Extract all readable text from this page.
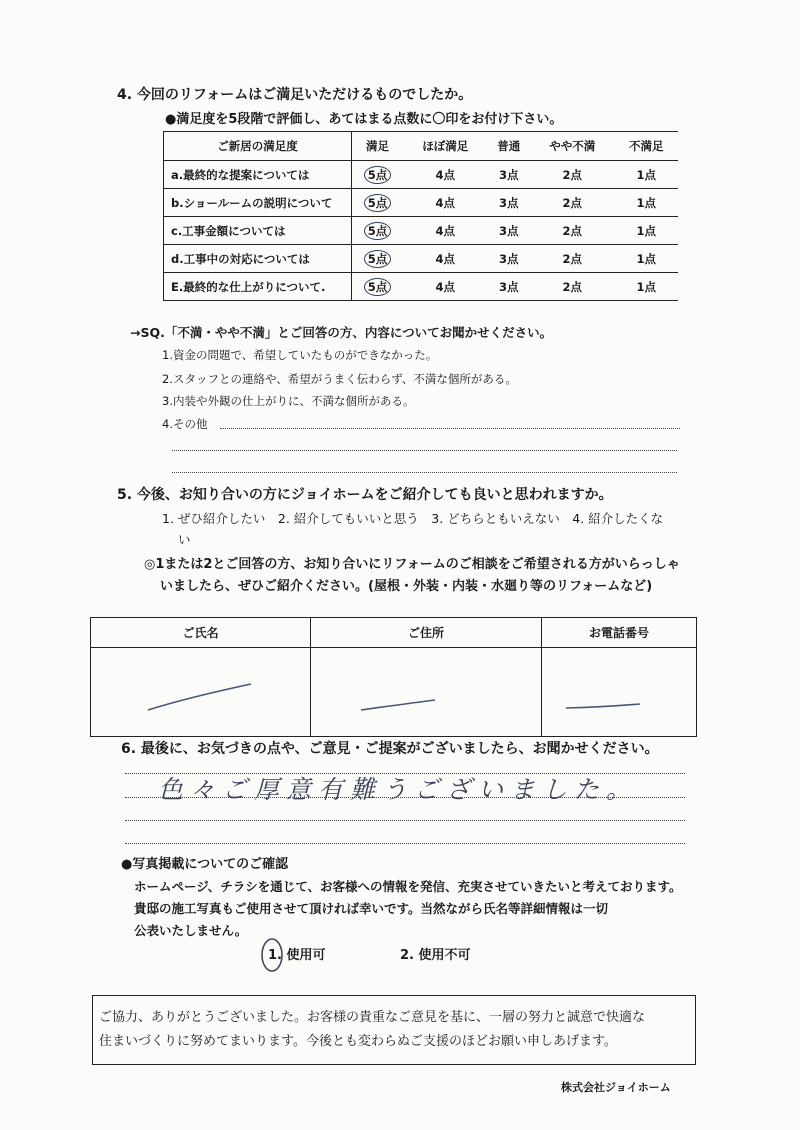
4. 今回のリフォームはご満足いただけるものでしたか。
●満足度を5段階で評価し、あてはまる点数に〇印をお付け下さい。
ご新居の満足度	満足	ほぼ満足	普通	やや不満	不満足
a.最終的な提案については	5点	4点	3点	2点	1点
b.ショールームの説明について	5点	4点	3点	2点	1点
c.工事金額については	5点	4点	3点	2点	1点
d.工事中の対応については	5点	4点	3点	2点	1点
E.最終的な仕上がりについて.	5点	4点	3点	2点	1点
→SQ.「不満・やや不満」とご回答の方、内容についてお聞かせください。
1.資金の問題で、希望していたものができなかった。
2.スタッフとの連絡や、希望がうまく伝わらず、不満な個所がある。
3.内装や外観の仕上がりに、不満な個所がある。
4.その他
5. 今後、お知り合いの方にジョイホームをご紹介しても良いと思われますか。
1. ぜひ紹介したい　2. 紹介してもいいと思う　3. どちらともいえない　4. 紹介したくな
い
◎1または2とご回答の方、お知り合いにリフォームのご相談をご希望される方がいらっしゃ
いましたら、ぜひご紹介ください。(屋根・外装・内装・水廻り等のリフォームなど)
ご氏名	ご住所	お電話番号

6. 最後に、お気づきの点や、ご意見・ご提案がございましたら、お聞かせください。
色々ご厚意有難うございました。
●写真掲載についてのご確認
ホームページ、チラシを通じて、お客様への情報を発信、充実させていきたいと考えております。
貴邸の施工写真もご使用させて頂ければ幸いです。当然ながら氏名等詳細情報は一切
公表いたしません。
1. 使用可	2. 使用不可
ご協力、ありがとうございました。お客様の貴重なご意見を基に、一層の努力と誠意で快適な
住まいづくりに努めてまいります。今後とも変わらぬご支援のほどお願い申しあげます。
株式会社ジョイホーム
